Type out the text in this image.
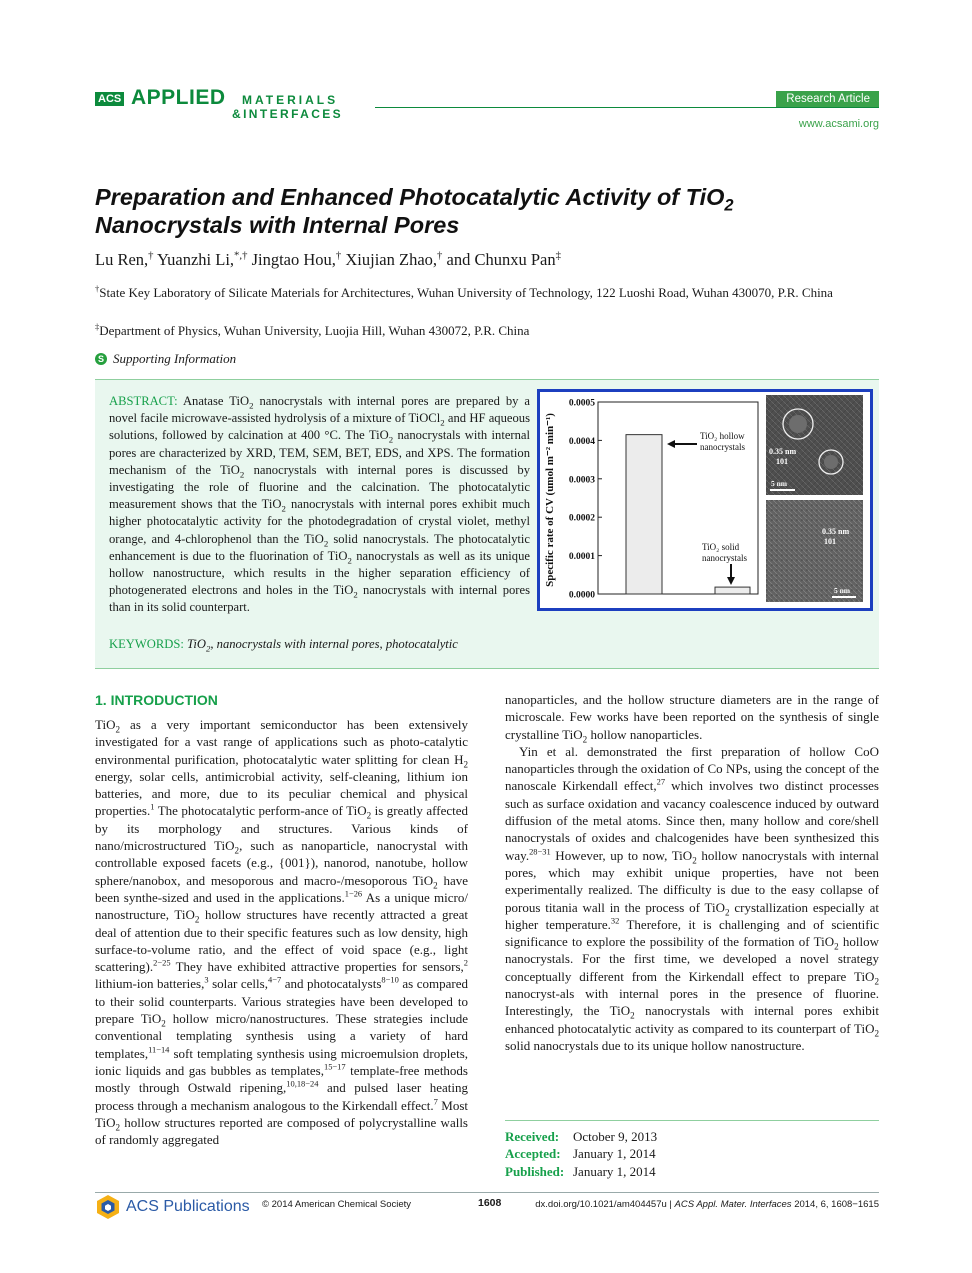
ACS APPLIED MATERIALS
&INTERFACES
Research Article
www.acsami.org
Preparation and Enhanced Photocatalytic Activity of TiO$_2$
Nanocrystals with Internal Pores
Lu Ren,† Yuanzhi Li,*,† Jingtao Hou,† Xiujian Zhao,† and Chunxu Pan‡
†State Key Laboratory of Silicate Materials for Architectures, Wuhan University of Technology, 122 Luoshi Road, Wuhan 430070, P.R. China
‡Department of Physics, Wuhan University, Luojia Hill, Wuhan 430072, P.R. China
S Supporting Information
ABSTRACT: Anatase TiO$_2$ nanocrystals with internal pores are prepared by a novel facile microwave-assisted hydrolysis of a mixture of TiOCl$_2$ and HF aqueous solutions, followed by calcination at 400 °C. The TiO$_2$ nanocrystals with internal pores are characterized by XRD, TEM, SEM, BET, EDS, and XPS. The formation mechanism of the TiO$_2$ nanocrystals with internal pores is discussed by investigating the role of fluorine and the calcination. The photocatalytic measurement shows that the TiO$_2$ nanocrystals with internal pores exhibit much higher photocatalytic activity for the photodegradation of crystal violet, methyl orange, and 4-chlorophenol than the TiO$_2$ solid nanocrystals. The photocatalytic enhancement is due to the fluorination of TiO$_2$ nanocrystals as well as its unique hollow nanostructure, which results in the higher separation efficiency of photogenerated electrons and holes in the TiO$_2$ nanocrystals with internal pores than in its solid counterpart.
KEYWORDS: TiO$_2$, nanocrystals with internal pores, photocatalytic
Specific rate of CV (umol m⁻² min⁻¹)
0.0005
0.0004
0.0003
0.0002
0.0001
0.0000
TiO₂ hollow
nanocrystals
TiO₂ solid
nanocrystals
0.35 nm
101
5 nm
0.35 nm
101
5 nm
1. INTRODUCTION

TiO$_2$ as a very important semiconductor has been extensively investigated for a vast range of applications such as photo-catalytic environmental purification, photocatalytic water splitting for clean $H_2$ energy, solar cells, antimicrobial activity, self-cleaning, lithium ion batteries, and more, due to its peculiar chemical and physical properties.$^1$ The photocatalytic perform-ance of TiO$_2$ is greatly affected by its morphology and structures. Various kinds of nano/microstructured TiO$_2$, such as nanoparticle, nanocrystal with controllable exposed facets (e.g., {001}), nanorod, nanotube, hollow sphere/nanobox, and mesoporous and macro-/mesoporous TiO$_2$ have been synthe-sized and used in the applications.$^{1-26}$ As a unique micro/ nanostructure, TiO$_2$ hollow structures have recently attracted a great deal of attention due to their specific features such as low density, high surface-to-volume ratio, and the effect of void space (e.g., light scattering).$^{2-25}$ They have exhibited attractive properties for sensors,$^2$ lithium-ion batteries,$^3$ solar cells,$^{4-7}$ and photocatalysts$^{8-10}$ as compared to their solid counterparts. Various strategies have been developed to prepare TiO$_2$ hollow micro/nanostructures. These strategies include conventional templating synthesis using a variety of hard templates,$^{11-14}$ soft templating synthesis using microemulsion droplets, ionic liquids and gas bubbles as templates,$^{15-17}$ template-free methods mostly through Ostwald ripening,$^{10,18-24}$ and pulsed laser heating process through a mechanism analogous to the Kirkendall effect.$^7$ Most TiO$_2$ hollow structures reported are composed of polycrystalline walls of randomly aggregated

nanoparticles, and the hollow structure diameters are in the range of microscale. Few works have been reported on the synthesis of single crystalline TiO$_2$ hollow nanoparticles.

Yin et al. demonstrated the first preparation of hollow CoO nanoparticles through the oxidation of Co NPs, using the concept of the nanoscale Kirkendall effect,$^{27}$ which involves two distinct processes such as surface oxidation and vacancy coalescence induced by outward diffusion of the metal atoms. Since then, many hollow and core/shell nanocrystals of oxides and chalcogenides have been synthesized this way.$^{28-31}$ However, up to now, TiO$_2$ hollow nanocrystals with internal pores, which may exhibit unique properties, have not been experimentally realized. The difficulty is due to the easy collapse of porous titania wall in the process of TiO$_2$ crystallization especially at higher temperature.$^{32}$ Therefore, it is challenging and of scientific significance to explore the possibility of the formation of TiO$_2$ hollow nanocrystals. For the first time, we developed a novel strategy conceptually different from the Kirkendall effect to prepare TiO$_2$ nanocryst-als with internal pores in the presence of fluorine. Interestingly, the TiO$_2$ nanocrystals with internal pores exhibit enhanced photocatalytic activity as compared to its counterpart of TiO$_2$ solid nanocrystals due to its unique hollow nanostructure.

Received: October 9, 2013
Accepted: January 1, 2014
Published: January 1, 2014
ACS Publications © 2014 American Chemical Society	1608	dx.doi.org/10.1021/am404457u | ACS Appl. Mater. Interfaces 2014, 6, 1608−1615
